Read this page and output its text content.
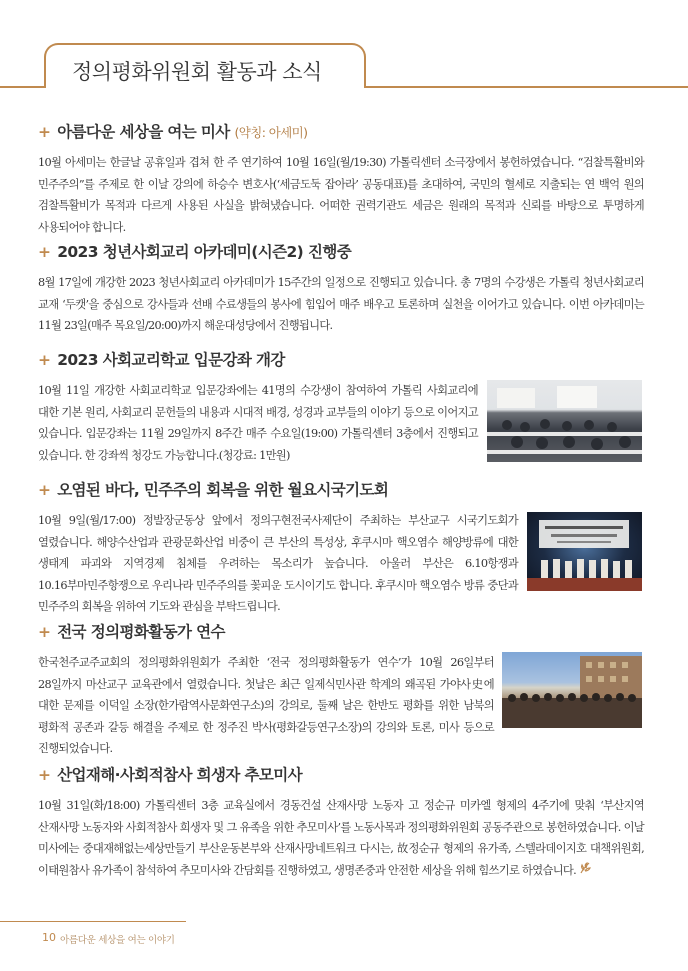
정의평화위원회 활동과 소식
+ 아름다운 세상을 여는 미사 (약칭: 아세미)

10월 아세미는 한글날 공휴일과 겹쳐 한 주 연기하여 10월 16일(월/19:30) 가톨릭센터 소극장에서 봉헌하였습니다. “검찰특활비와 민주주의”를 주제로 한 이날 강의에 하승수 변호사(‘세금도둑 잡아라’ 공동대표)를 초대하여, 국민의 혈세로 지출되는 연 백억 원의 검찰특활비가 목적과 다르게 사용된 사실을 밝혀냈습니다. 어떠한 권력기관도 세금은 원래의 목적과 신뢰를 바탕으로 투명하게 사용되어야 합니다.

+ 2023 청년사회교리 아카데미(시즌2) 진행중

8월 17일에 개강한 2023 청년사회교리 아카데미가 15주간의 일정으로 진행되고 있습니다. 총 7명의 수강생은 가톨릭 청년사회교리 교재 ‘두캣’을 중심으로 강사들과 선배 수료생들의 봉사에 힘입어 매주 배우고 토론하며 실천을 이어가고 있습니다. 이번 아카데미는 11월 23일(매주 목요일/20:00)까지 해운대성당에서 진행됩니다.

+ 2023 사회교리학교 입문강좌 개강

10월 11일 개강한 사회교리학교 입문강좌에는 41명의 수강생이 참여하여 가톨릭 사회교리에 대한 기본 원리, 사회교리 문헌들의 내용과 시대적 배경, 성경과 교부들의 이야기 등으로 이어지고 있습니다. 입문강좌는 11월 29일까지 8주간 매주 수요일(19:00) 가톨릭센터 3층에서 진행되고 있습니다. 한 강좌씩 청강도 가능합니다.(청강료: 1만원)

+ 오염된 바다, 민주주의 회복을 위한 월요시국기도회

10월 9일(월/17:00) 정발장군동상 앞에서 정의구현전국사제단이 주최하는 부산교구 시국기도회가 열렸습니다. 해양수산업과 관광문화산업 비중이 큰 부산의 특성상, 후쿠시마 핵오염수 해양방류에 대한 생태계 파괴와 지역경제 침체를 우려하는 목소리가 높습니다. 아울러 부산은 6.10항쟁과 10.16부마민주항쟁으로 우리나라 민주주의를 꽃피운 도시이기도 합니다. 후쿠시마 핵오염수 방류 중단과 민주주의 회복을 위하여 기도와 관심을 부탁드립니다.

+ 전국 정의평화활동가 연수

한국천주교주교회의 정의평화위원회가 주최한 ‘전국 정의평화활동가 연수’가 10월 26일부터 28일까지 마산교구 교육관에서 열렸습니다. 첫날은 최근 일제식민사관 학계의 왜곡된 가야사史에 대한 문제를 이덕일 소장(한가람역사문화연구소)의 강의로, 둘째 날은 한반도 평화를 위한 남북의 평화적 공존과 갈등 해결을 주제로 한 정주진 박사(평화갈등연구소장)의 강의와 토론, 미사 등으로 진행되었습니다.

+ 산업재해·사회적참사 희생자 추모미사

10월 31일(화/18:00) 가톨릭센터 3층 교육실에서 경동건설 산재사망 노동자 고 정순규 미카엘 형제의 4주기에 맞춰 ‘부산지역 산재사망 노동자와 사회적참사 희생자 및 그 유족을 위한 추모미사’를 노동사목과 정의평화위원회 공동주관으로 봉헌하였습니다. 이날 미사에는 중대재해없는세상만들기 부산운동본부와 산재사망네트워크 다시는, 故정순규 형제의 유가족, 스텔라데이지호 대책위원회, 이태원참사 유가족이 참석하여 추모미사와 간담회를 진행하였고, 생명존중과 안전한 세상을 위해 힘쓰기로 하였습니다.

10 아름다운 세상을 여는 이야기
